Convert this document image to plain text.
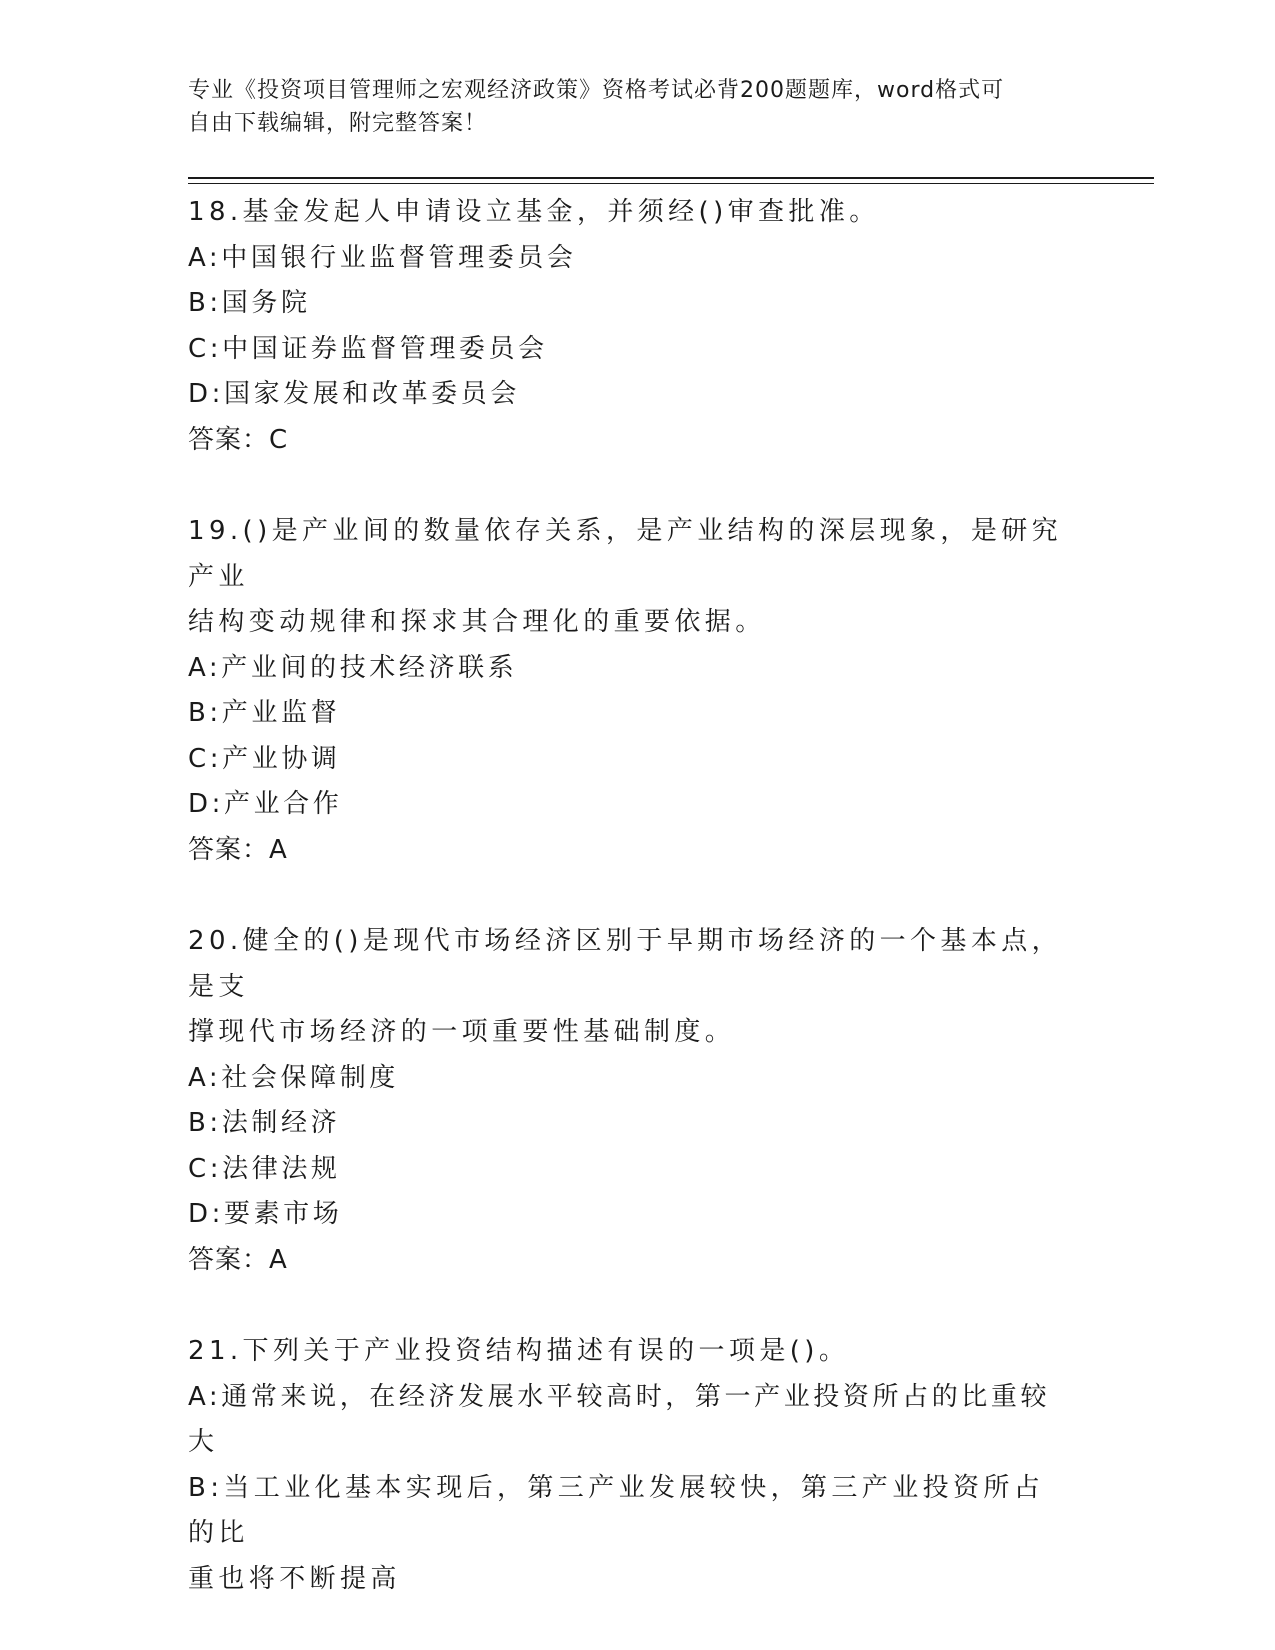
专业《投资项目管理师之宏观经济政策》资格考试必背200题题库，word格式可
自由下载编辑，附完整答案！
18.基金发起人申请设立基金，并须经()审查批准。
A:中国银行业监督管理委员会
B:国务院
C:中国证券监督管理委员会
D:国家发展和改革委员会
答案：C
19.()是产业间的数量依存关系，是产业结构的深层现象，是研究产业
结构变动规律和探求其合理化的重要依据。
A:产业间的技术经济联系
B:产业监督
C:产业协调
D:产业合作
答案：A
20.健全的()是现代市场经济区别于早期市场经济的一个基本点，是支
撑现代市场经济的一项重要性基础制度。
A:社会保障制度
B:法制经济
C:法律法规
D:要素市场
答案：A
21.下列关于产业投资结构描述有误的一项是()。
A:通常来说，在经济发展水平较高时，第一产业投资所占的比重较大
B:当工业化基本实现后，第三产业发展较快，第三产业投资所占的比
重也将不断提高
